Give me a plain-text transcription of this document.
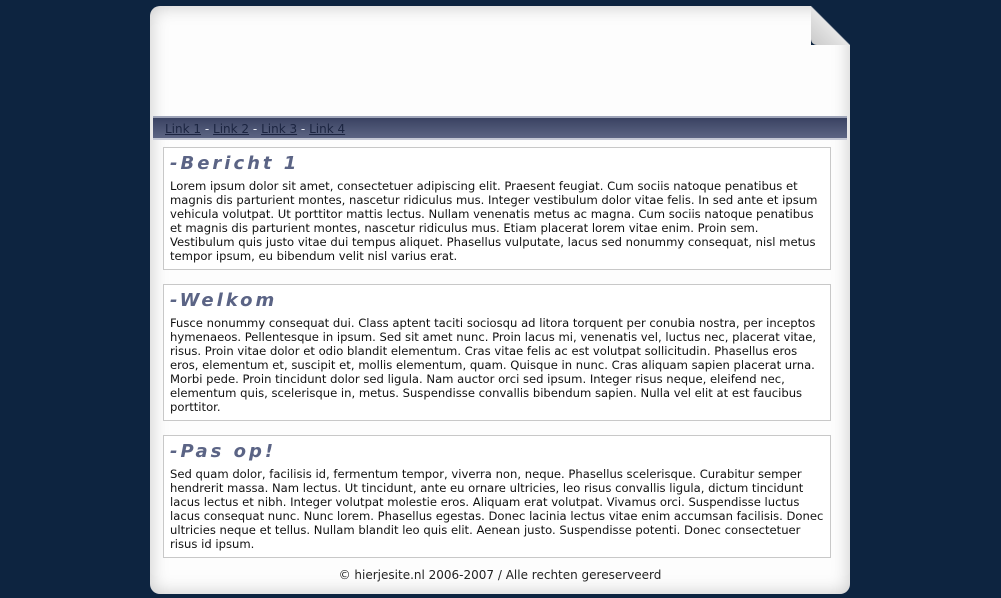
Link 1 - Link 2 - Link 3 - Link 4
-Bericht 1

Lorem ipsum dolor sit amet, consectetuer adipiscing elit. Praesent feugiat. Cum sociis natoque penatibus et magnis dis parturient montes, nascetur ridiculus mus. Integer vestibulum dolor vitae felis. In sed ante et ipsum vehicula volutpat. Ut porttitor mattis lectus. Nullam venenatis metus ac magna. Cum sociis natoque penatibus et magnis dis parturient montes, nascetur ridiculus mus. Etiam placerat lorem vitae enim. Proin sem. Vestibulum quis justo vitae dui tempus aliquet. Phasellus vulputate, lacus sed nonummy consequat, nisl metus tempor ipsum, eu bibendum velit nisl varius erat.

-Welkom

Fusce nonummy consequat dui. Class aptent taciti sociosqu ad litora torquent per conubia nostra, per inceptos hymenaeos. Pellentesque in ipsum. Sed sit amet nunc. Proin lacus mi, venenatis vel, luctus nec, placerat vitae, risus. Proin vitae dolor et odio blandit elementum. Cras vitae felis ac est volutpat sollicitudin. Phasellus eros eros, elementum et, suscipit et, mollis elementum, quam. Quisque in nunc. Cras aliquam sapien placerat urna. Morbi pede. Proin tincidunt dolor sed ligula. Nam auctor orci sed ipsum. Integer risus neque, eleifend nec, elementum quis, scelerisque in, metus. Suspendisse convallis bibendum sapien. Nulla vel elit at est faucibus porttitor.

-Pas op!

Sed quam dolor, facilisis id, fermentum tempor, viverra non, neque. Phasellus scelerisque. Curabitur semper hendrerit massa. Nam lectus. Ut tincidunt, ante eu ornare ultricies, leo risus convallis ligula, dictum tincidunt lacus lectus et nibh. Integer volutpat molestie eros. Aliquam erat volutpat. Vivamus orci. Suspendisse luctus lacus consequat nunc. Nunc lorem. Phasellus egestas. Donec lacinia lectus vitae enim accumsan facilisis. Donec ultricies neque et tellus. Nullam blandit leo quis elit. Aenean justo. Suspendisse potenti. Donec consectetuer risus id ipsum.

© hierjesite.nl 2006-2007 / Alle rechten gereserveerd
